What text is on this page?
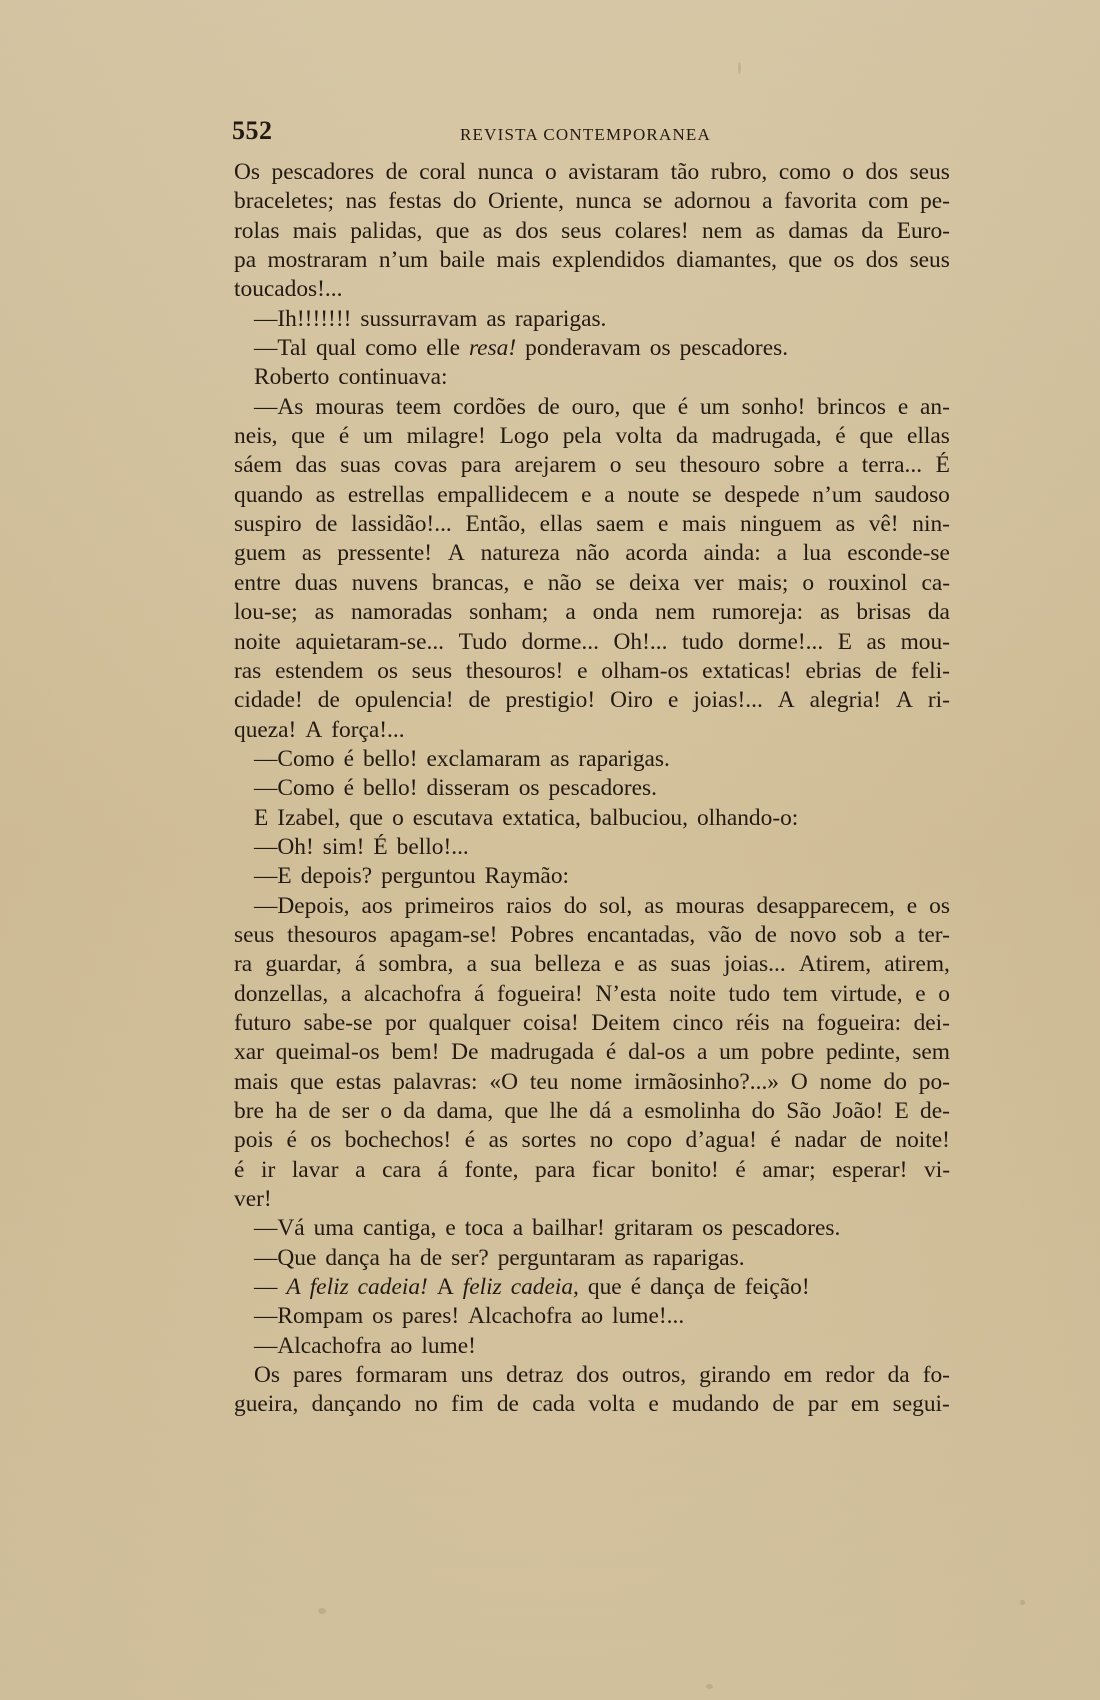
552	REVISTA CONTEMPORANEA
Os pescadores de coral nunca o avistaram tão rubro, como o dos seus
braceletes; nas festas do Oriente, nunca se adornou a favorita com pe-
rolas mais palidas, que as dos seus colares! nem as damas da Euro-
pa mostraram n’um baile mais explendidos diamantes, que os dos seus
toucados!...
—Ih!!!!!!! sussurravam as raparigas.
—Tal qual como elle resa! ponderavam os pescadores.
Roberto continuava:
—As mouras teem cordões de ouro, que é um sonho! brincos e an-
neis, que é um milagre! Logo pela volta da madrugada, é que ellas
sáem das suas covas para arejarem o seu thesouro sobre a terra... É
quando as estrellas empallidecem e a noute se despede n’um saudoso
suspiro de lassidão!... Então, ellas saem e mais ninguem as vê! nin-
guem as pressente! A natureza não acorda ainda: a lua esconde-se
entre duas nuvens brancas, e não se deixa ver mais; o rouxinol ca-
lou-se; as namoradas sonham; a onda nem rumoreja: as brisas da
noite aquietaram-se... Tudo dorme... Oh!... tudo dorme!... E as mou-
ras estendem os seus thesouros! e olham-os extaticas! ebrias de feli-
cidade! de opulencia! de prestigio! Oiro e joias!... A alegria! A ri-
queza! A força!...
—Como é bello! exclamaram as raparigas.
—Como é bello! disseram os pescadores.
E Izabel, que o escutava extatica, balbuciou, olhando-o:
—Oh! sim! É bello!...
—E depois? perguntou Raymão:
—Depois, aos primeiros raios do sol, as mouras desapparecem, e os
seus thesouros apagam-se! Pobres encantadas, vão de novo sob a ter-
ra guardar, á sombra, a sua belleza e as suas joias... Atirem, atirem,
donzellas, a alcachofra á fogueira! N’esta noite tudo tem virtude, e o
futuro sabe-se por qualquer coisa! Deitem cinco réis na fogueira: dei-
xar queimal-os bem! De madrugada é dal-os a um pobre pedinte, sem
mais que estas palavras: «O teu nome irmãosinho?...» O nome do po-
bre ha de ser o da dama, que lhe dá a esmolinha do São João! E de-
pois é os bochechos! é as sortes no copo d’agua! é nadar de noite!
é ir lavar a cara á fonte, para ficar bonito! é amar; esperar! vi-
ver!
—Vá uma cantiga, e toca a bailhar! gritaram os pescadores.
—Que dança ha de ser? perguntaram as raparigas.
— A feliz cadeia! A feliz cadeia, que é dança de feição!
—Rompam os pares! Alcachofra ao lume!...
—Alcachofra ao lume!
Os pares formaram uns detraz dos outros, girando em redor da fo-
gueira, dançando no fim de cada volta e mudando de par em segui-
